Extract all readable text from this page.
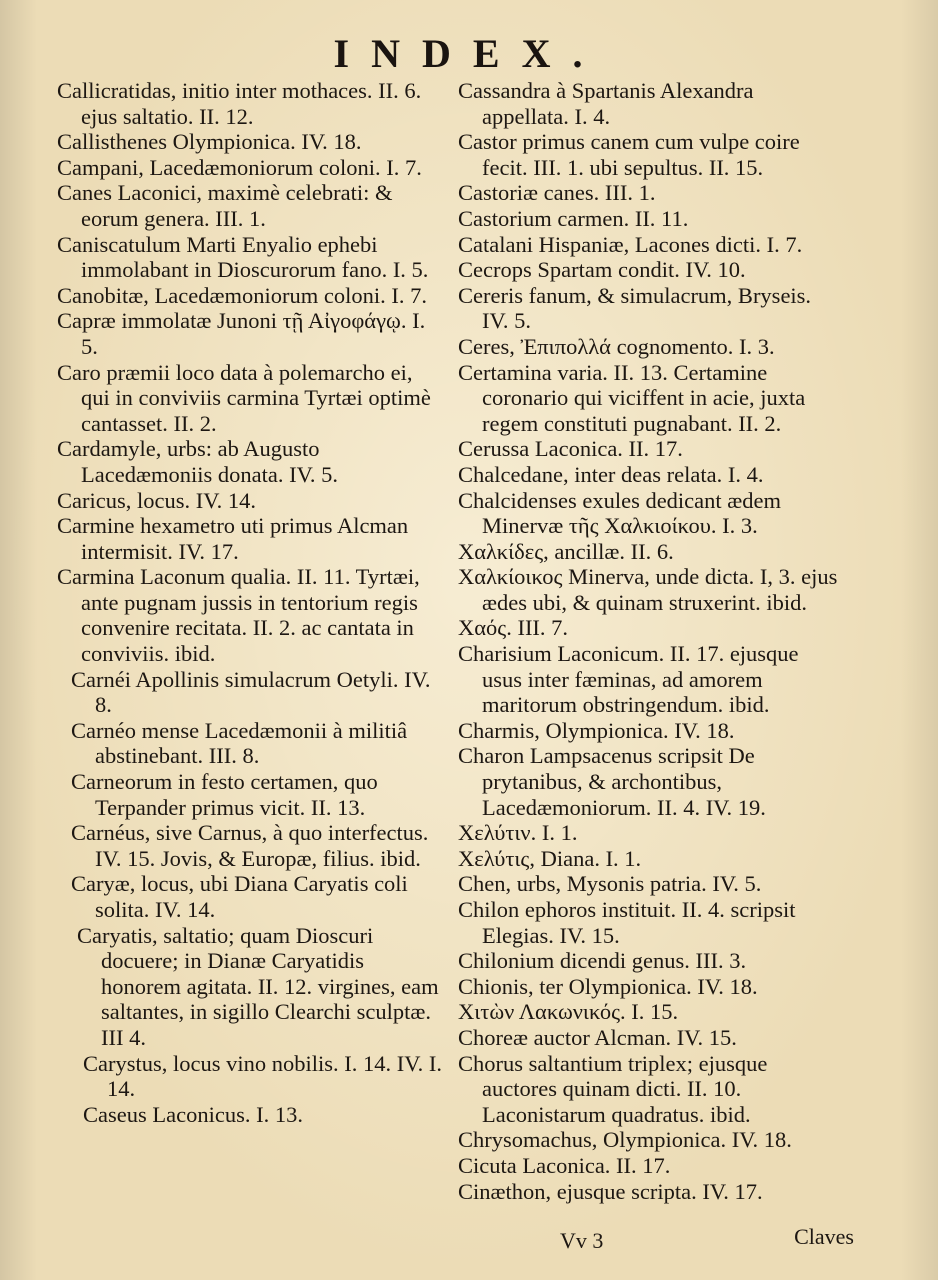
INDEX.

Callicratidas, initio inter mothaces. II. 6. ejus saltatio. II. 12.

Callisthenes Olympionica. IV. 18.

Campani, Lacedæmoniorum coloni. I. 7.

Canes Laconici, maximè celebrati: & eorum genera. III. 1.

Caniscatulum Marti Enyalio ephebi immolabant in Dioscurorum fano. I. 5.

Canobitæ, Lacedæmoniorum coloni. I. 7.

Capræ immolatæ Junoni τῇ Αἰγοφάγῳ. I. 5.

Caro præmii loco data à polemarcho ei, qui in conviviis carmina Tyrtæi optimè cantasset. II. 2.

Cardamyle, urbs: ab Augusto Lacedæmoniis donata. IV. 5.

Caricus, locus. IV. 14.

Carmine hexametro uti primus Alcman intermisit. IV. 17.

Carmina Laconum qualia. II. 11. Tyrtæi, ante pugnam jussis in tentorium regis convenire recitata. II. 2. ac cantata in conviviis. ibid.

Carnéi Apollinis simulacrum Oetyli. IV. 8.

Carnéo mense Lacedæmonii à militiâ abstinebant. III. 8.

Carneorum in festo certamen, quo Terpander primus vicit. II. 13.

Carnéus, sive Carnus, à quo interfectus. IV. 15. Jovis, & Europæ, filius. ibid.

Caryæ, locus, ubi Diana Caryatis coli solita. IV. 14.

Caryatis, saltatio; quam Dioscuri docuere; in Dianæ Caryatidis honorem agitata. II. 12. virgines, eam saltantes, in sigillo Clearchi sculptæ. III 4.

Carystus, locus vino nobilis. I. 14. IV. I. 14.

Caseus Laconicus. I. 13.

Cassandra à Spartanis Alexandra appellata. I. 4.

Castor primus canem cum vulpe coire fecit. III. 1. ubi sepultus. II. 15.

Castoriæ canes. III. 1.

Castorium carmen. II. 11.

Catalani Hispaniæ, Lacones dicti. I. 7.

Cecrops Spartam condit. IV. 10.

Cereris fanum, & simulacrum, Bryseis. IV. 5.

Ceres, Ἐπιπολλά cognomento. I. 3.

Certamina varia. II. 13. Certamine coronario qui viciffent in acie, juxta regem constituti pugnabant. II. 2.

Cerussa Laconica. II. 17.

Chalcedane, inter deas relata. I. 4.

Chalcidenses exules dedicant ædem Minervæ τῆς Χαλκιοίκου. I. 3.

Χαλκίδες, ancillæ. II. 6.

Χαλκίοικος Minerva, unde dicta. I, 3. ejus ædes ubi, & quinam struxerint. ibid.

Χαός. III. 7.

Charisium Laconicum. II. 17. ejusque usus inter fæminas, ad amorem maritorum obstringendum. ibid.

Charmis, Olympionica. IV. 18.

Charon Lampsacenus scripsit De prytanibus, & archontibus, Lacedæmoniorum. II. 4. IV. 19.

Χελύτιν. I. 1.

Χελύτις, Diana. I. 1.

Chen, urbs, Mysonis patria. IV. 5.

Chilon ephoros instituit. II. 4. scripsit Elegias. IV. 15.

Chilonium dicendi genus. III. 3.

Chionis, ter Olympionica. IV. 18.

Χιτὼν Λακωνικός. I. 15.

Choreæ auctor Alcman. IV. 15.

Chorus saltantium triplex; ejusque auctores quinam dicti. II. 10. Laconistarum quadratus. ibid.

Chrysomachus, Olympionica. IV. 18.

Cicuta Laconica. II. 17.

Cinæthon, ejusque scripta. IV. 17.

Vv 3	Claves
